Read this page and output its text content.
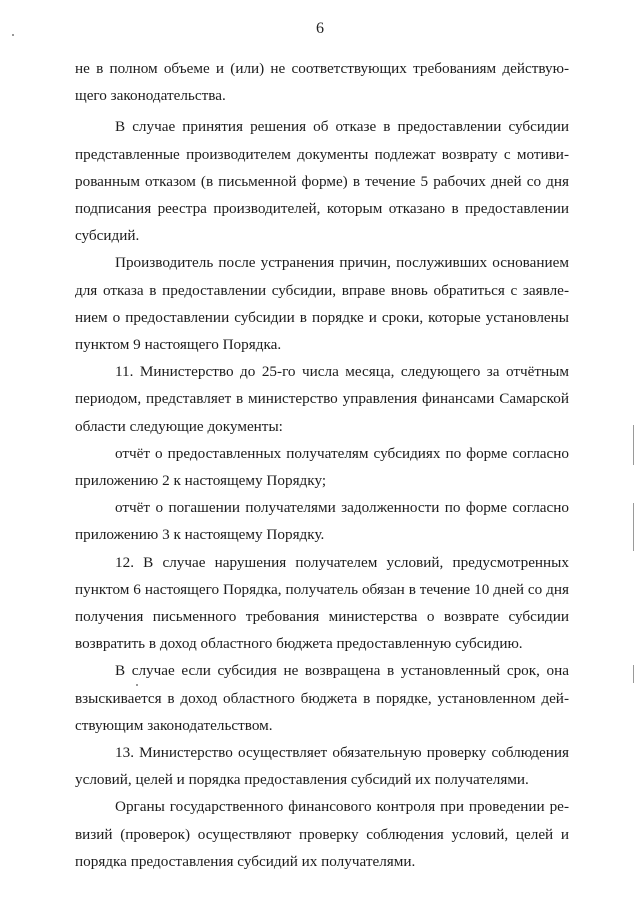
6

не в полном объеме и (или) не соответствующих требованиям действующего законодательства.

В случае принятия решения об отказе в предоставлении субсидии представленные производителем документы подлежат возврату с мотивированным отказом (в письменной форме) в течение 5 рабочих дней со дня подписания реестра производителей, которым отказано в предоставлении субсидий.

Производитель после устранения причин, послуживших основанием для отказа в предоставлении субсидии, вправе вновь обратиться с заявлением о предоставлении субсидии в порядке и сроки, которые установлены пунктом 9 настоящего Порядка.

11. Министерство до 25-го числа месяца, следующего за отчётным периодом, представляет в министерство управления финансами Самарской области следующие документы:

отчёт о предоставленных получателям субсидиях по форме согласно приложению 2 к настоящему Порядку;

отчёт о погашении получателями задолженности по форме согласно приложению 3 к настоящему Порядку.

12. В случае нарушения получателем условий, предусмотренных пунктом 6 настоящего Порядка, получатель обязан в течение 10 дней со дня получения письменного требования министерства о возврате субсидии возвратить в доход областного бюджета предоставленную субсидию.

В случае если субсидия не возвращена в установленный срок, она взыскивается в доход областного бюджета в порядке, установленном действующим законодательством.

13. Министерство осуществляет обязательную проверку соблюдения условий, целей и порядка предоставления субсидий их получателями.

Органы государственного финансового контроля при проведении ревизий (проверок) осуществляют проверку соблюдения условий, целей и порядка предоставления субсидий их получателями.
